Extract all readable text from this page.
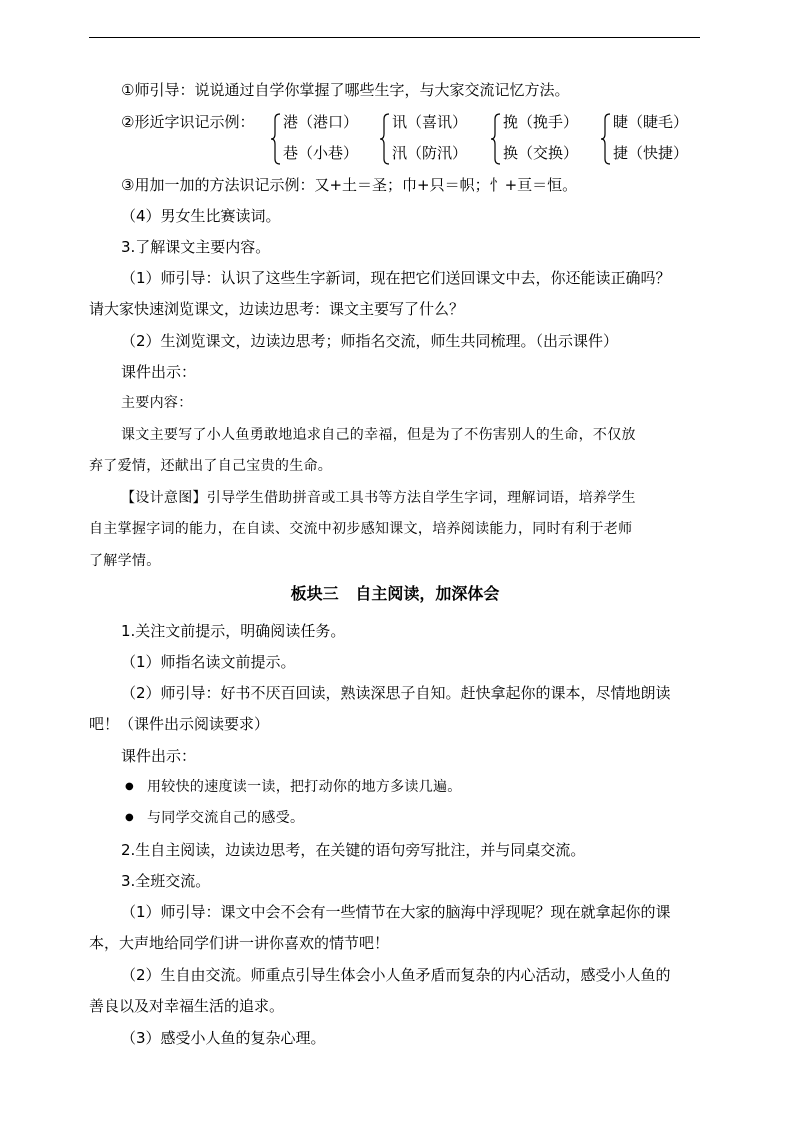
①师引导：说说通过自学你掌握了哪些生字，与大家交流记忆方法。
②形近字识记示例： 港（港口）
巷（小巷）
讯（喜讯）
汛（防汛）
挽（挽手）
换（交换）
睫（睫毛）
捷（快捷）
③用加一加的方法识记示例：又+土＝圣；巾+只＝帜；忄+亘＝恒。
（4）男女生比赛读词。
3.了解课文主要内容。
（1）师引导：认识了这些生字新词，现在把它们送回课文中去，你还能读正确吗？
请大家快速浏览课文，边读边思考：课文主要写了什么？
（2）生浏览课文，边读边思考；师指名交流，师生共同梳理。（出示课件）
课件出示：
主要内容：
课文主要写了小人鱼勇敢地追求自己的幸福，但是为了不伤害别人的生命，不仅放
弃了爱情，还献出了自己宝贵的生命。
【设计意图】引导学生借助拼音或工具书等方法自学生字词，理解词语，培养学生
自主掌握字词的能力，在自读、交流中初步感知课文，培养阅读能力，同时有利于老师
了解学情。
板块三   自主阅读，加深体会
1.关注文前提示，明确阅读任务。
（1）师指名读文前提示。
（2）师引导：好书不厌百回读，熟读深思子自知。赶快拿起你的课本，尽情地朗读
吧！（课件出示阅读要求）
课件出示：
● 用较快的速度读一读，把打动你的地方多读几遍。
● 与同学交流自己的感受。
2.生自主阅读，边读边思考，在关键的语句旁写批注，并与同桌交流。
3.全班交流。
（1）师引导：课文中会不会有一些情节在大家的脑海中浮现呢？现在就拿起你的课
本，大声地给同学们讲一讲你喜欢的情节吧！
（2）生自由交流。师重点引导生体会小人鱼矛盾而复杂的内心活动，感受小人鱼的
善良以及对幸福生活的追求。
（3）感受小人鱼的复杂心理。
